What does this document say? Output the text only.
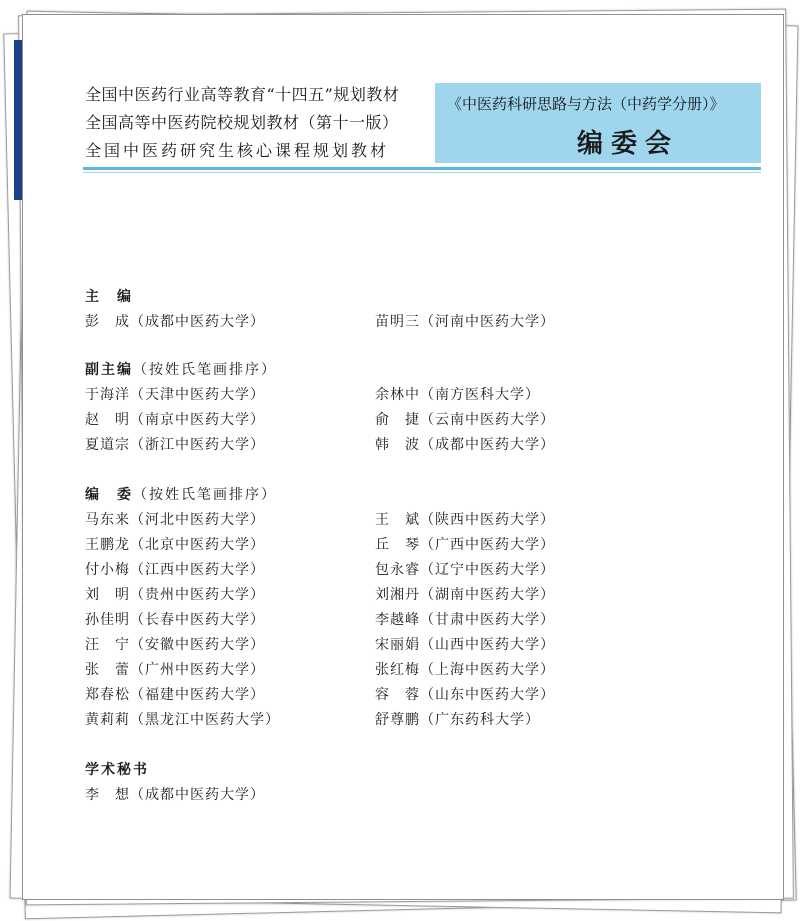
全国中医药行业高等教育“十四五”规划教材
全国高等中医药院校规划教材（第十一版）
全国中医药研究生核心课程规划教材
《中医药科研思路与方法（中药学分册）》
编委会
主　编
彭　成（成都中医药大学）	苗明三（河南中医药大学）
副主编（按姓氏笔画排序）
于海洋（天津中医药大学）	余林中（南方医科大学）
赵　明（南京中医药大学）	俞　捷（云南中医药大学）
夏道宗（浙江中医药大学）	韩　波（成都中医药大学）
编　委（按姓氏笔画排序）
马东来（河北中医药大学）	王　斌（陕西中医药大学）
王鹏龙（北京中医药大学）	丘　琴（广西中医药大学）
付小梅（江西中医药大学）	包永睿（辽宁中医药大学）
刘　明（贵州中医药大学）	刘湘丹（湖南中医药大学）
孙佳明（长春中医药大学）	李越峰（甘肃中医药大学）
汪　宁（安徽中医药大学）	宋丽娟（山西中医药大学）
张　蕾（广州中医药大学）	张红梅（上海中医药大学）
郑春松（福建中医药大学）	容　蓉（山东中医药大学）
黄莉莉（黑龙江中医药大学）	舒尊鹏（广东药科大学）
学术秘书
李　想（成都中医药大学）
